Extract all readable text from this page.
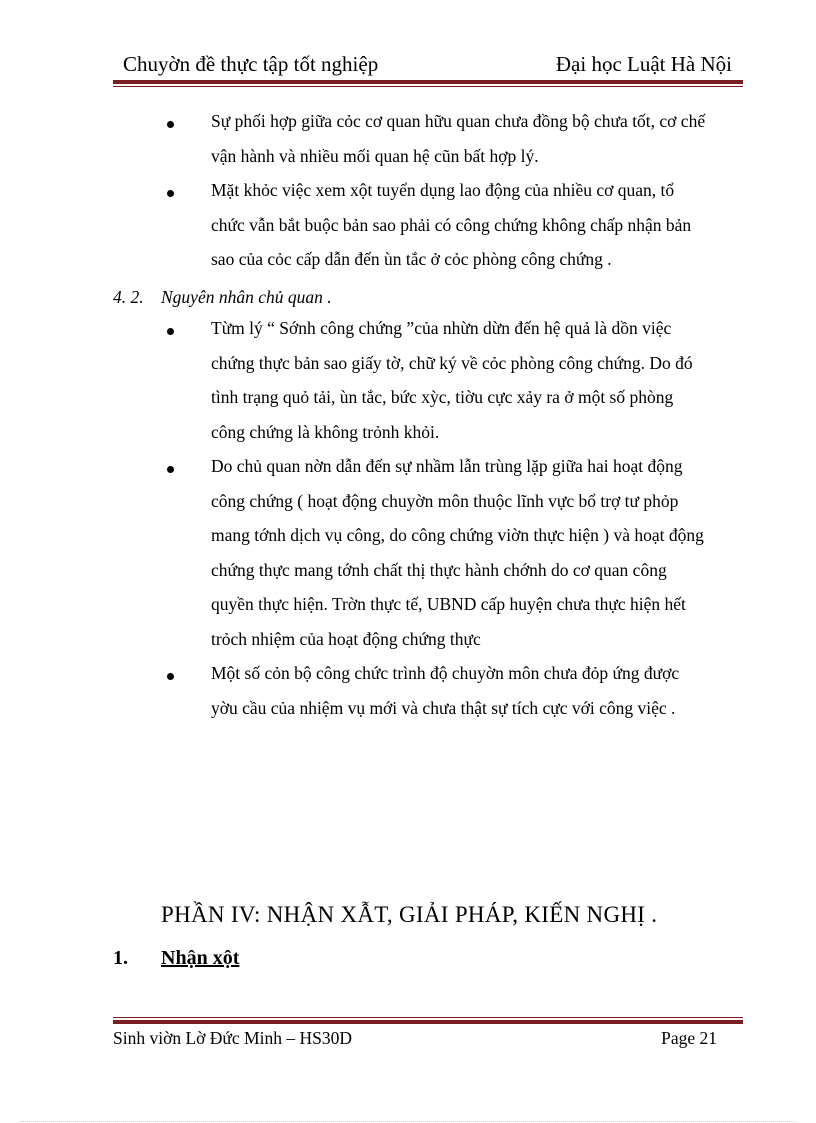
Chuyờn đề thực tập tốt nghiệp	Đại học Luật Hà Nội
Sự phối hợp giữa cỏc cơ quan hữu quan chưa đồng bộ chưa tốt, cơ chế
vận hành và nhiều mối quan hệ cũn bất hợp lý.
Mặt khỏc việc xem xột tuyển dụng lao động của nhiều cơ quan, tổ
chức vẫn bắt buộc bản sao phải có công chứng không chấp nhận bản
sao của cỏc cấp dẫn đến ùn tắc ở cỏc phòng công chứng .
4. 2. Nguyên nhân chủ quan .
Từm lý “ Sớnh công chứng ”của nhừn dừn đến hệ quả là dồn việc
chứng thực bản sao giấy tờ, chữ ký về cỏc phòng công chứng. Do đó
tình trạng quỏ tải, ùn tắc, bức xỳc, tiờu cực xảy ra ở một số phòng
công chứng là không trỏnh khỏi.
Do chủ quan nờn dẫn đến sự nhầm lẫn trùng lặp giữa hai hoạt động
công chứng ( hoạt động chuyờn môn thuộc lĩnh vực bổ trợ tư phỏp
mang tớnh dịch vụ công, do công chứng viờn thực hiện ) và hoạt động
chứng thực mang tớnh chất thị thực hành chớnh do cơ quan công
quyền thực hiện. Trờn thực tế, UBND cấp huyện chưa thực hiện hết
trỏch nhiệm của hoạt động chứng thực
Một số cỏn bộ công chức trình độ chuyờn môn chưa đỏp ứng được
yờu cầu của nhiệm vụ mới và chưa thật sự tích cực với công việc .
PHẦN IV: NHẬN XẪT, GIẢI PHÁP, KIẾN NGHỊ .
1. Nhận xột
Sinh viờn Lờ Đức Minh – HS30D	Page 21
